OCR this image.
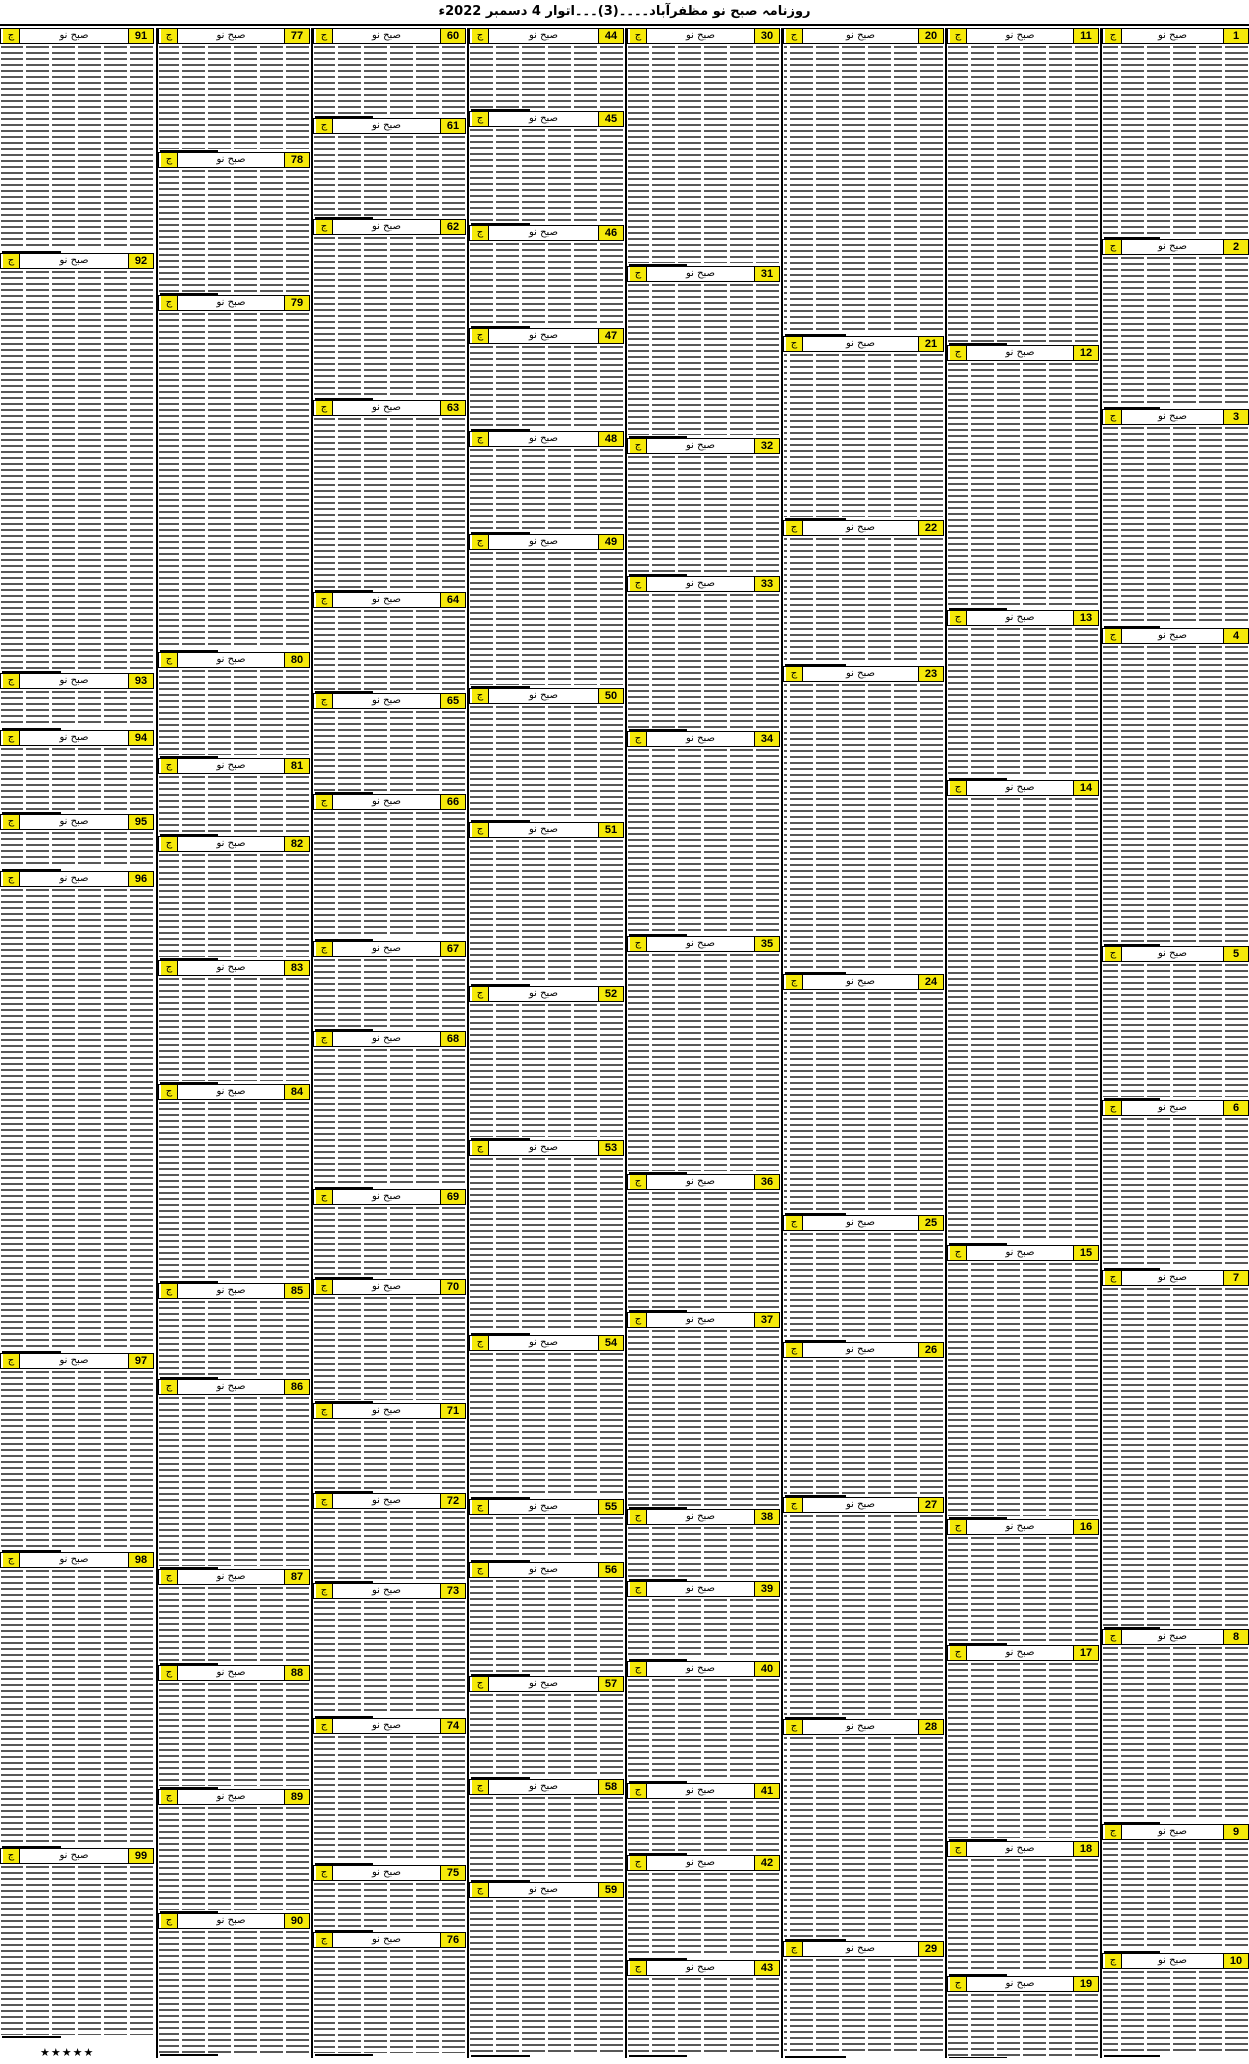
روزنامہ صبح نو مظفرآباد۔۔۔۔(3)۔۔۔اتوار 4 دسمبر 2022ء
1
صبح نو
ج
2
صبح نو
ج
3
صبح نو
ج
4
صبح نو
ج
5
صبح نو
ج
6
صبح نو
ج
7
صبح نو
ج
8
صبح نو
ج
9
صبح نو
ج
10
صبح نو
ج
11
صبح نو
ج
12
صبح نو
ج
13
صبح نو
ج
14
صبح نو
ج
15
صبح نو
ج
16
صبح نو
ج
17
صبح نو
ج
18
صبح نو
ج
19
صبح نو
ج
20
صبح نو
ج
21
صبح نو
ج
22
صبح نو
ج
23
صبح نو
ج
24
صبح نو
ج
25
صبح نو
ج
26
صبح نو
ج
27
صبح نو
ج
28
صبح نو
ج
29
صبح نو
ج
30
صبح نو
ج
31
صبح نو
ج
32
صبح نو
ج
33
صبح نو
ج
34
صبح نو
ج
35
صبح نو
ج
36
صبح نو
ج
37
صبح نو
ج
38
صبح نو
ج
39
صبح نو
ج
40
صبح نو
ج
41
صبح نو
ج
42
صبح نو
ج
43
صبح نو
ج
44
صبح نو
ج
45
صبح نو
ج
46
صبح نو
ج
47
صبح نو
ج
48
صبح نو
ج
49
صبح نو
ج
50
صبح نو
ج
51
صبح نو
ج
52
صبح نو
ج
53
صبح نو
ج
54
صبح نو
ج
55
صبح نو
ج
56
صبح نو
ج
57
صبح نو
ج
58
صبح نو
ج
59
صبح نو
ج
60
صبح نو
ج
61
صبح نو
ج
62
صبح نو
ج
63
صبح نو
ج
64
صبح نو
ج
65
صبح نو
ج
66
صبح نو
ج
67
صبح نو
ج
68
صبح نو
ج
69
صبح نو
ج
70
صبح نو
ج
71
صبح نو
ج
72
صبح نو
ج
73
صبح نو
ج
74
صبح نو
ج
75
صبح نو
ج
76
صبح نو
ج
77
صبح نو
ج
78
صبح نو
ج
79
صبح نو
ج
80
صبح نو
ج
81
صبح نو
ج
82
صبح نو
ج
83
صبح نو
ج
84
صبح نو
ج
85
صبح نو
ج
86
صبح نو
ج
87
صبح نو
ج
88
صبح نو
ج
89
صبح نو
ج
90
صبح نو
ج
91
صبح نو
ج
92
صبح نو
ج
93
صبح نو
ج
94
صبح نو
ج
95
صبح نو
ج
96
صبح نو
ج
97
صبح نو
ج
98
صبح نو
ج
99
صبح نو
ج
★★★★★
